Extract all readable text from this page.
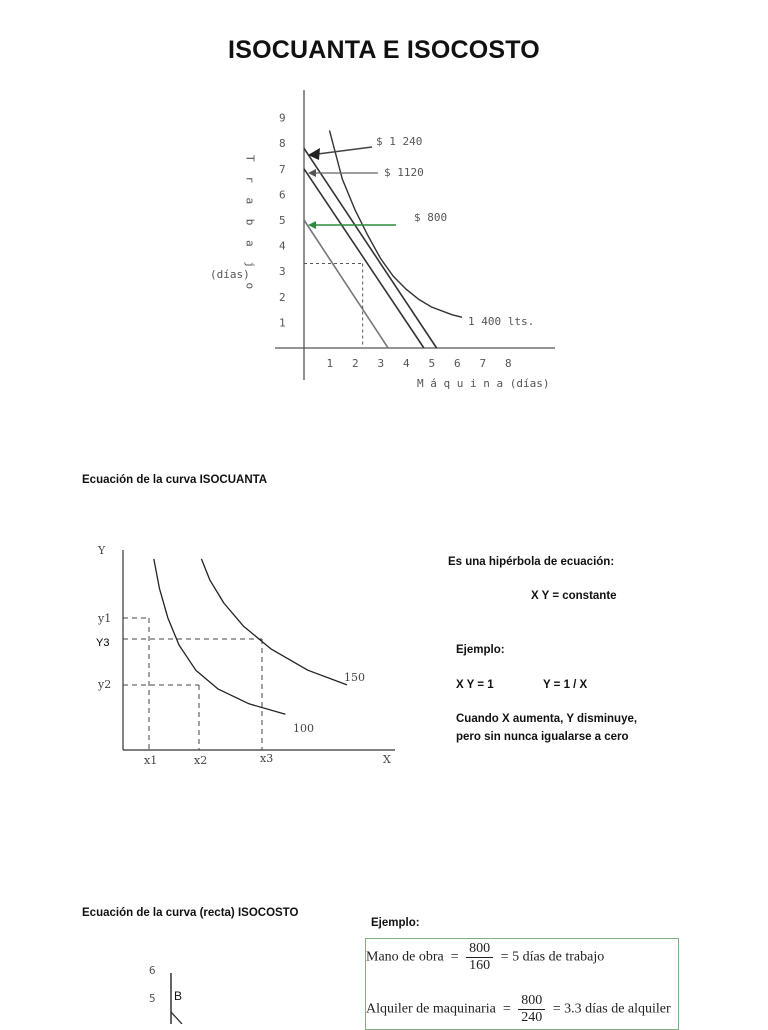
ISOCUANTA E ISOCOSTO
T r a b a j o
(días)
M á q u i n a (días)
1
2
3
4
5
6
7
8
9
1 2 3 4 5 6 7 8
$ 1 240
$ 1120
$ 800
1 400 lts.
Ecuación de la curva ISOCUANTA
Y
X
y1
Y3
y2
x1	x2	x3
150
100
Es una hipérbola de ecuación:
X Y = constante
Ejemplo:
X Y = 1	Y = 1 / X
Cuando X aumenta, Y disminuye,
pero sin nunca igualarse a cero
Ecuación de la curva (recta) ISOCOSTO
Ejemplo:
6
5 B
Mano de obra  = $\frac{800}{160} = 5$ días de trabajo
Alquiler de maquinaria  = $\frac{800}{240} = 3.3$ días de alquiler
